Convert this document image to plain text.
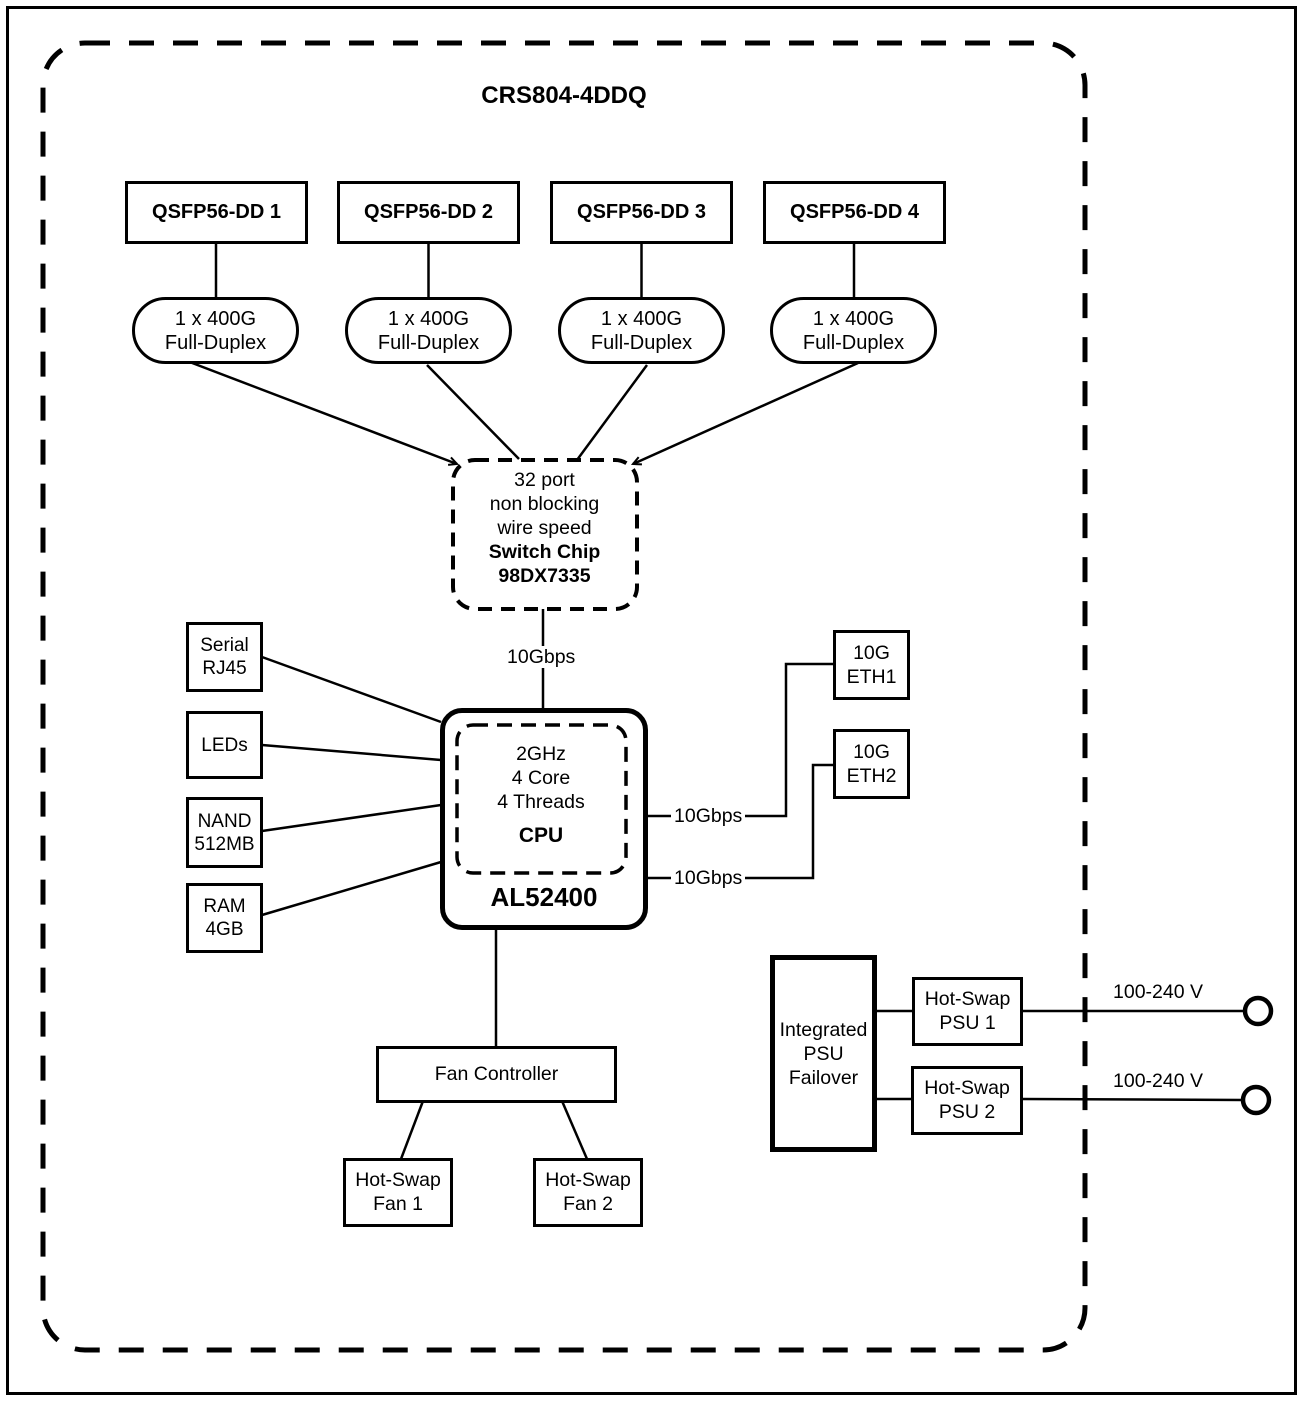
CRS804-4DDQ
QSFP56-DD 1	QSFP56-DD 2	QSFP56-DD 3	QSFP56-DD 4
1 x 400G
Full-Duplex
1 x 400G
Full-Duplex
1 x 400G
Full-Duplex
1 x 400G
Full-Duplex
32 port
non blocking
wire speed
Switch Chip
98DX7335
10Gbps
10Gbps
10Gbps
2GHz
4 Core
4 Threads
CPU
AL52400
Serial
RJ45
LEDs
NAND
512MB
RAM
4GB
10G
ETH1
10G
ETH2
Fan Controller
Hot-Swap
Fan 1
Hot-Swap
Fan 2
Integrated
PSU
Failover
Hot-Swap
PSU 1
Hot-Swap
PSU 2
100-240 V
100-240 V
